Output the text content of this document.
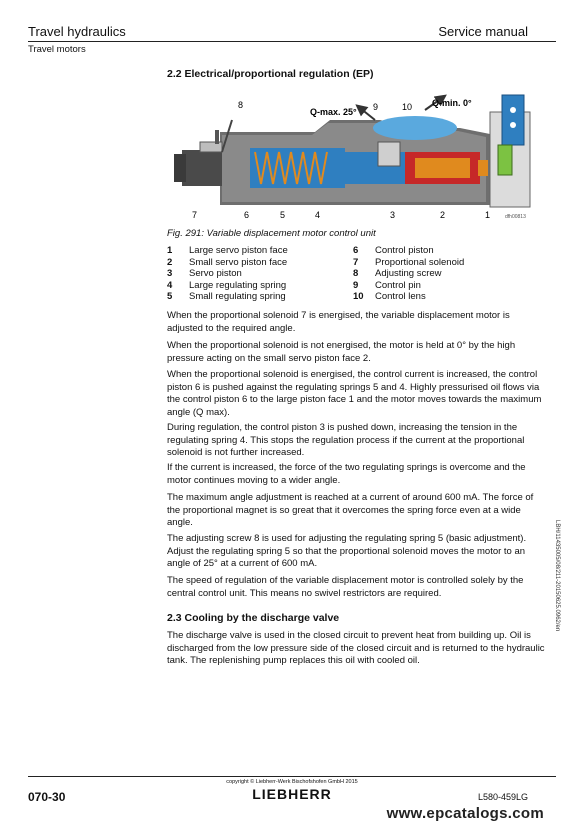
Travel hydraulics	Service manual
Travel motors
2.2 Electrical/proportional regulation (EP)
Q-max. 25°
Q-min. 0°
8	9	10
7	6	5	4	3	2	1	dfh00813
Fig. 291: Variable displacement motor control unit
1	Large servo piston face	6	Control piston
2	Small servo piston face	7	Proportional solenoid
3	Servo piston	8	Adjusting screw
4	Large regulating spring	9	Control pin
5	Small regulating spring	10	Control lens
When the proportional solenoid 7 is energised, the variable displacement motor is adjusted to the required angle.
When the proportional solenoid is not energised, the motor is held at 0° by the high pressure acting on the small servo piston face 2.
When the proportional solenoid is energised, the control current is increased, the control piston 6 is pushed against the regulating springs 5 and 4. Highly pressurised oil flows via the control piston 6 to the large piston face 1 and the motor moves towards the maximum angle (Q max).
During regulation, the control piston 3 is pushed down, increasing the tension in the regulating spring 4. This stops the regulation process if the current at the proportional solenoid is not further increased.
If the current is increased, the force of the two regulating springs is overcome and the motor continues moving to a wider angle.
The maximum angle adjustment is reached at a current of around 600 mA. The force of the proportional magnet is so great that it overcomes the spring force even at a wide angle.
The adjusting screw 8 is used for adjusting the regulating spring 5 (basic adjustment). Adjust the regulating spring 5 so that the proportional solenoid moves the motor to an angle of 25° at a current of 600 mA.
The speed of regulation of the variable displacement motor is controlled solely by the central control unit. This means no swivel restrictors are required.
2.3 Cooling by the discharge valve
The discharge valve is used in the closed circuit to prevent heat from building up. Oil is discharged from the low pressure side of the closed circuit and is returned to the hydraulic tank. The replenishing pump replaces this oil with cooled oil.
LBH/11435005/08/211-20150625.0962/en
copyright © Liebherr-Werk Bischofshofen GmbH 2015
070-30	LIEBHERR	L580-459LG
www.epcatalogs.com
